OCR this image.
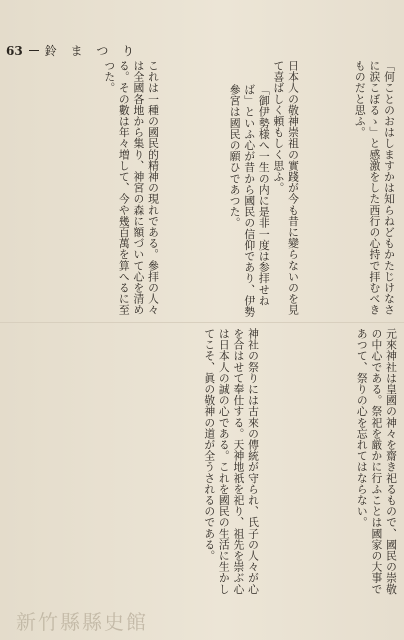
63 鈴 ま つ り

「何ことのおはしますかは知らねどもかたじけなさに涙こぼるゝ」と感激をした西行の心持で拝むべきものだと思ふ。

日本人の敬神崇祖の實踐が今も昔に變らないのを見て喜ばしく頼もしく思ふ。

「御伊勢様へ一生の内に是非一度は参拝せねば」といふ心が昔から國民の信仰であり、伊勢參宮は國民の願ひであつた。

これは一種の國民的精神の現れである。參拝の人々は全國各地から集り、神宮の森に額づいて心を清める。その數は年々増して、今や幾百萬を算へるに至つた。

元來神社は皇國の神々を齋き祀るもので、國民の崇敬の中心である。祭祀を厳かに行ふことは國家の大事であつて、祭りの心を忘れてはならない。

神社の祭りには古來の傳統が守られ、氏子の人々が心を合はせて奉仕する。天神地祇を祀り、祖先を崇ぶ心は日本人の誠の心である。これを國民の生活に生かしてこそ、眞の敬神の道が全うされるのである。

新竹縣縣史館
